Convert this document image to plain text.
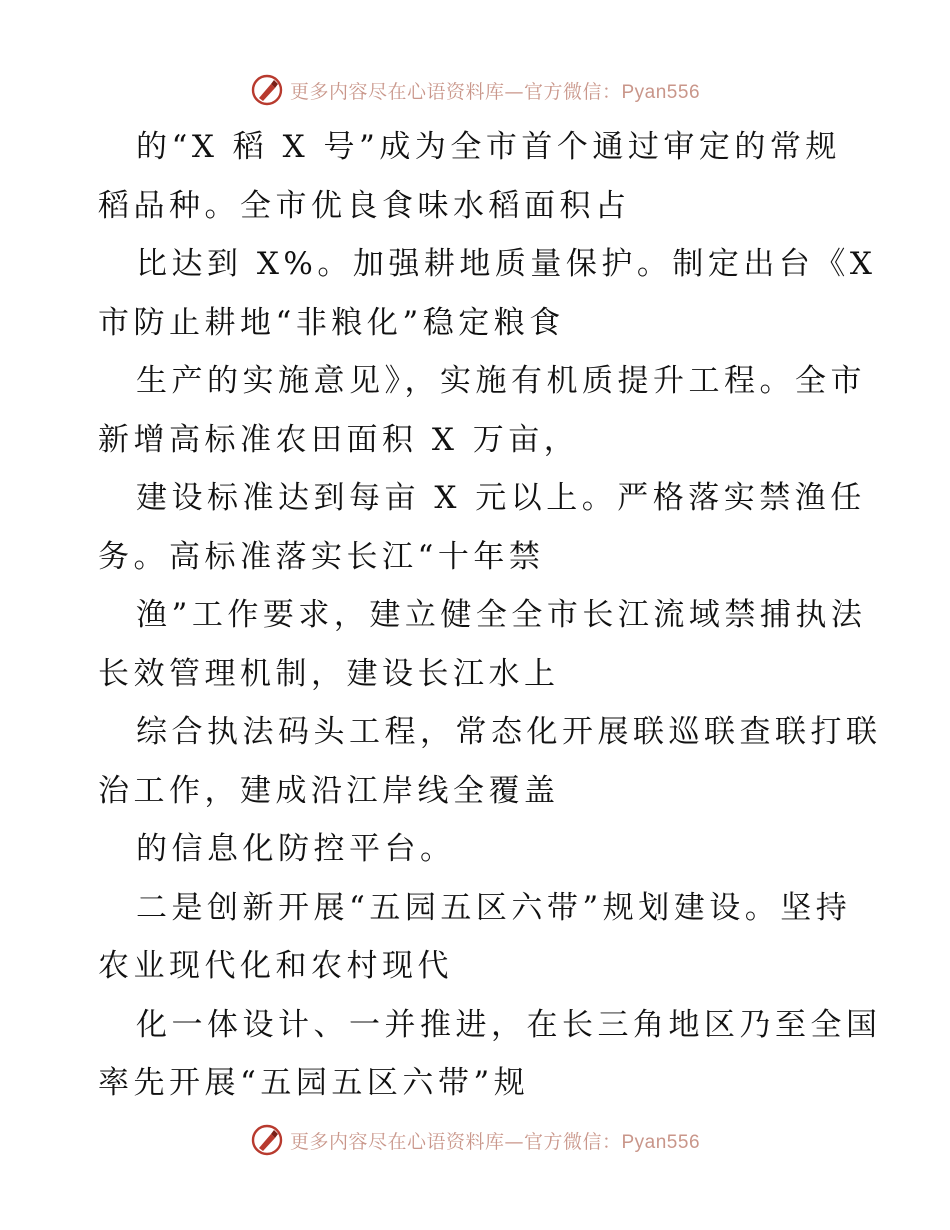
更多内容尽在心语资料库—官方微信：Pyan556
的“X 稻 X 号”成为全市首个通过审定的常规
稻品种。全市优良食味水稻面积占
比达到 X%。加强耕地质量保护。制定出台《X
市防止耕地“非粮化”稳定粮食
生产的实施意见》，实施有机质提升工程。全市
新增高标准农田面积 X 万亩，
建设标准达到每亩 X 元以上。严格落实禁渔任
务。高标准落实长江“十年禁
渔”工作要求，建立健全全市长江流域禁捕执法
长效管理机制，建设长江水上
综合执法码头工程，常态化开展联巡联查联打联
治工作，建成沿江岸线全覆盖
的信息化防控平台。
二是创新开展“五园五区六带”规划建设。坚持
农业现代化和农村现代
化一体设计、一并推进，在长三角地区乃至全国
率先开展“五园五区六带”规
更多内容尽在心语资料库—官方微信：Pyan556
